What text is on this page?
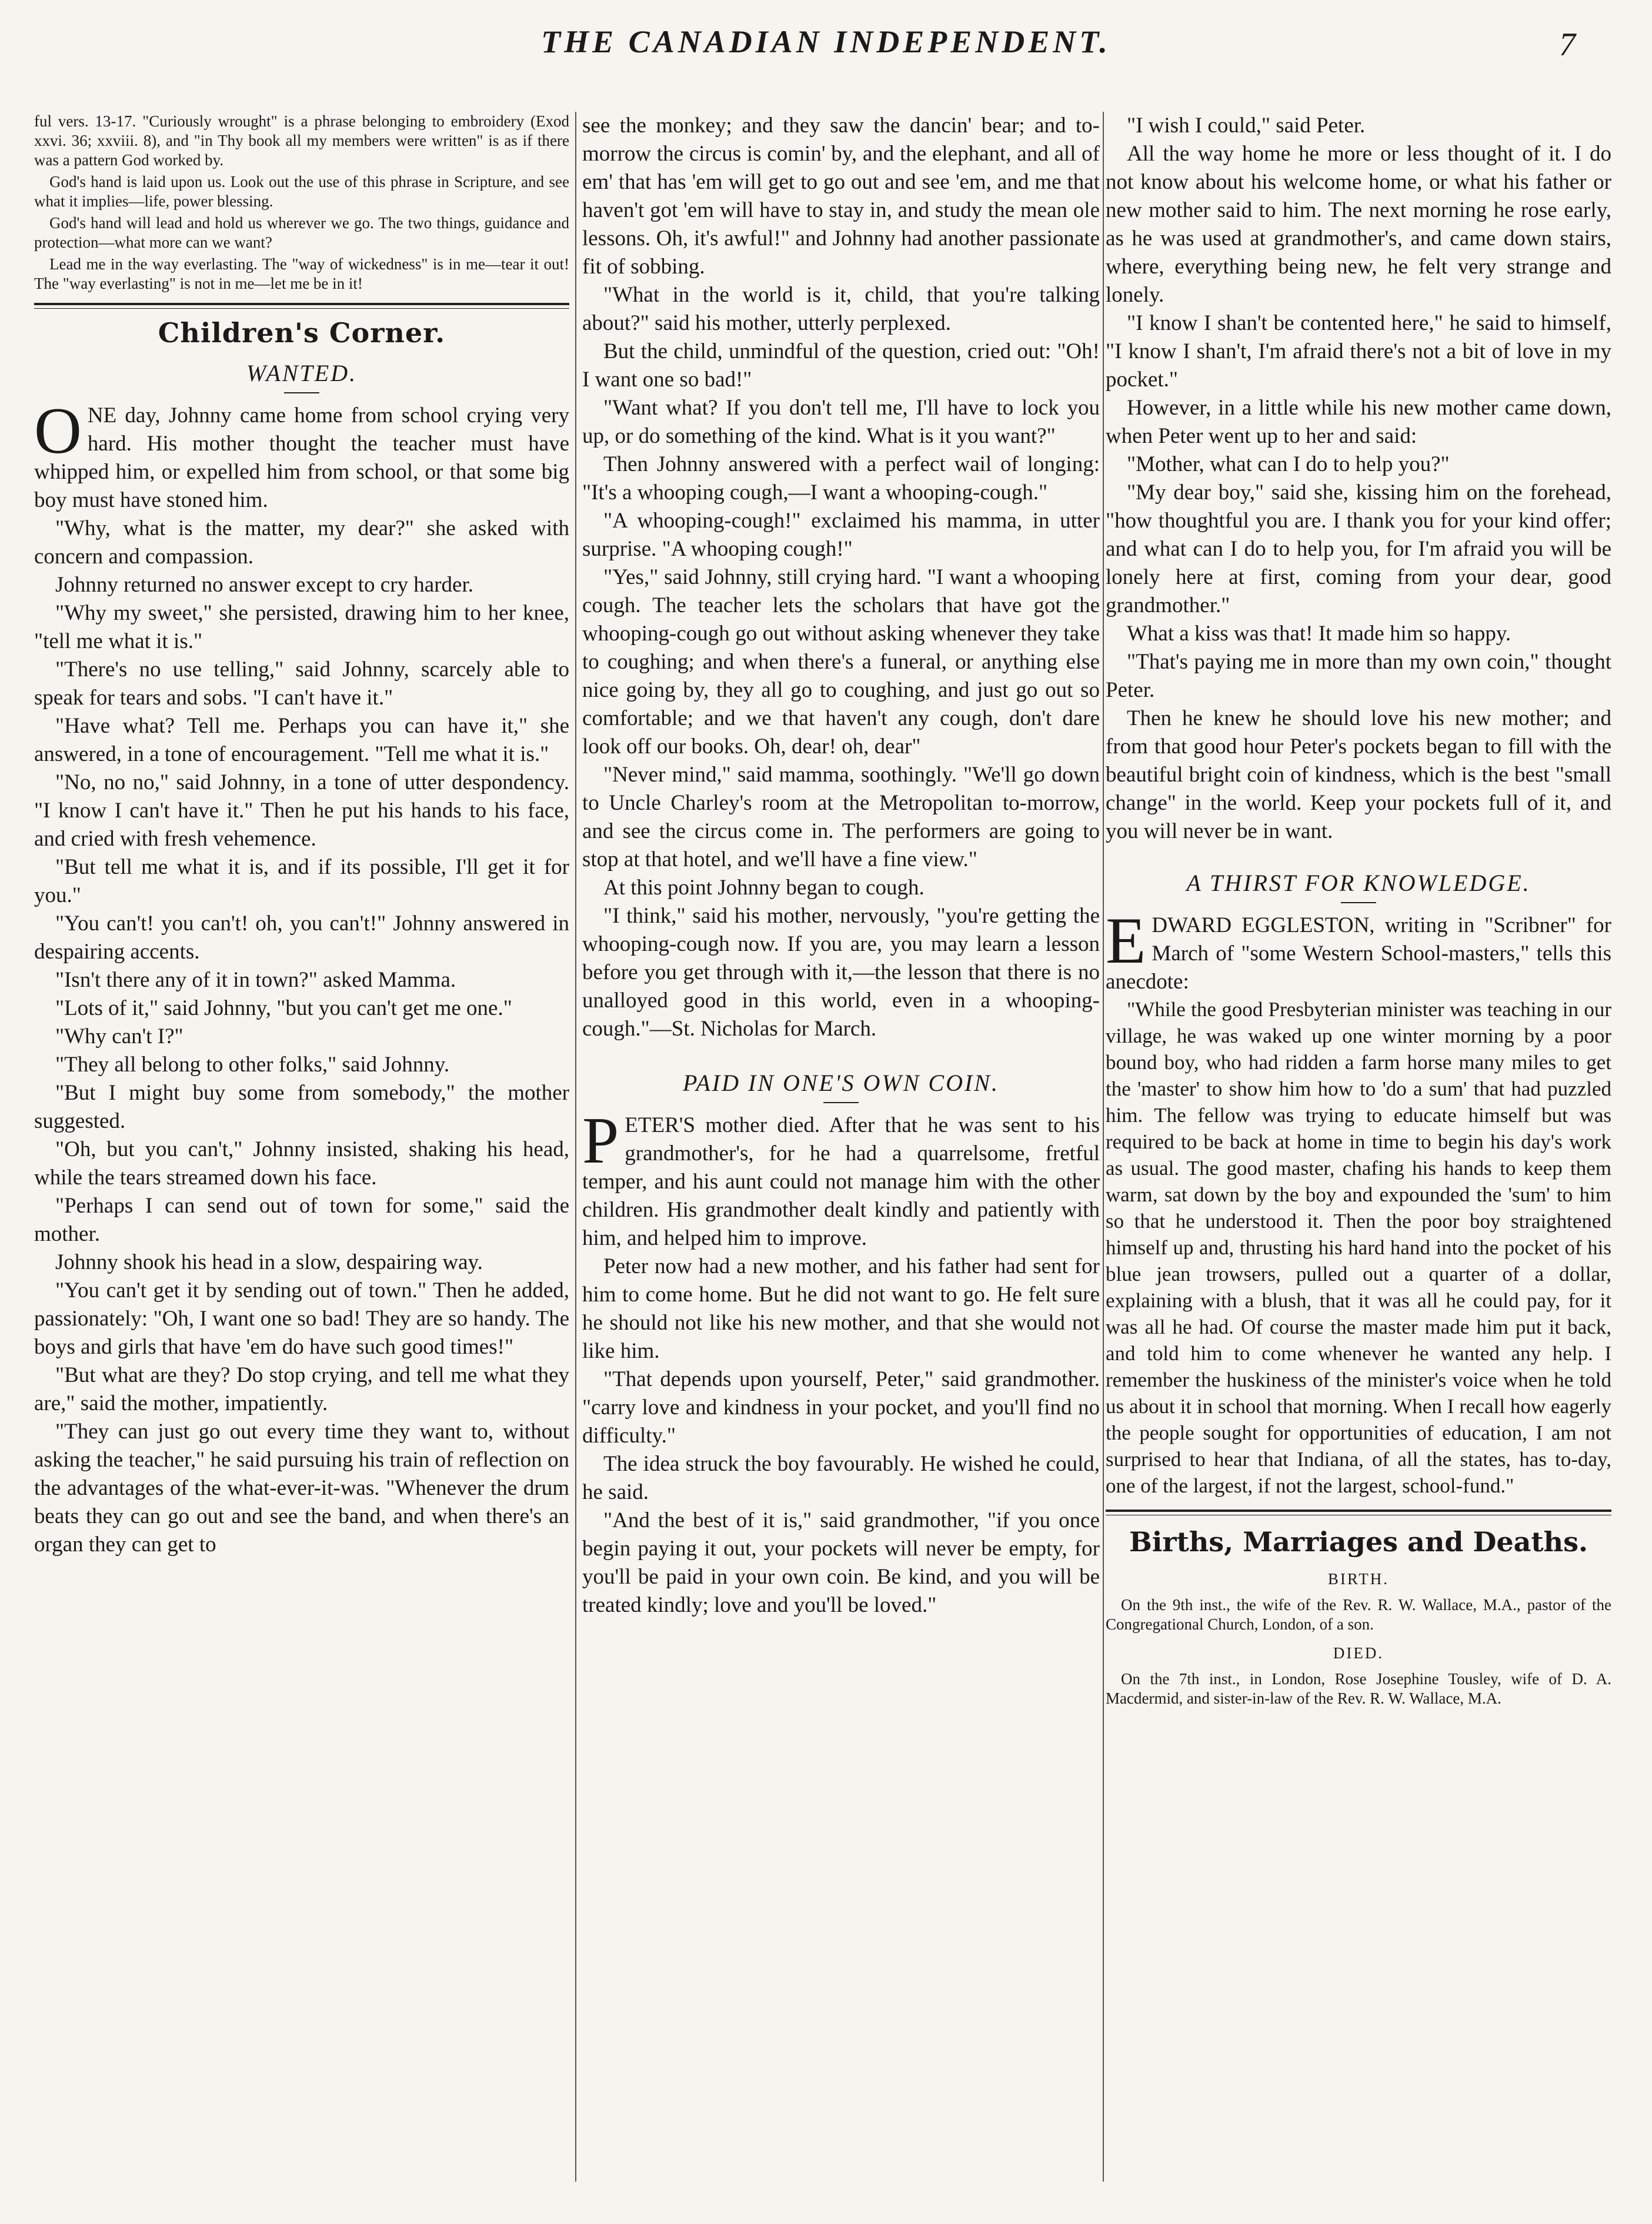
THE CANADIAN INDEPENDENT.	7

ful vers. 13-17. "Curiously wrought" is a phrase belonging to embroidery (Exod xxvi. 36; xxviii. 8), and "in Thy book all my members were written" is as if there was a pattern God worked by.

God's hand is laid upon us. Look out the use of this phrase in Scripture, and see what it implies—life, power blessing.

God's hand will lead and hold us wherever we go. The two things, guidance and protection—what more can we want?

Lead me in the way everlasting. The "way of wickedness" is in me—tear it out! The "way everlasting" is not in me—let me be in it!

Children's Corner.
WANTED.

ONE day, Johnny came home from school crying very hard. His mother thought the teacher must have whipped him, or expelled him from school, or that some big boy must have stoned him.

"Why, what is the matter, my dear?" she asked with concern and compassion.

Johnny returned no answer except to cry harder.

"Why my sweet," she persisted, drawing him to her knee, "tell me what it is."

"There's no use telling," said Johnny, scarcely able to speak for tears and sobs. "I can't have it."

"Have what? Tell me. Perhaps you can have it," she answered, in a tone of encouragement. "Tell me what it is."

"No, no no," said Johnny, in a tone of utter despondency. "I know I can't have it." Then he put his hands to his face, and cried with fresh vehemence.

"But tell me what it is, and if its possible, I'll get it for you."

"You can't! you can't! oh, you can't!" Johnny answered in despairing accents.

"Isn't there any of it in town?" asked Mamma.

"Lots of it," said Johnny, "but you can't get me one."

"Why can't I?"

"They all belong to other folks," said Johnny.

"But I might buy some from somebody," the mother suggested.

"Oh, but you can't," Johnny insisted, shaking his head, while the tears streamed down his face.

"Perhaps I can send out of town for some," said the mother.

Johnny shook his head in a slow, despairing way.

"You can't get it by sending out of town." Then he added, passionately: "Oh, I want one so bad! They are so handy. The boys and girls that have 'em do have such good times!"

"But what are they? Do stop crying, and tell me what they are," said the mother, impatiently.

"They can just go out every time they want to, without asking the teacher," he said pursuing his train of reflection on the advantages of the what-ever-it-was. "Whenever the drum beats they can go out and see the band, and when there's an organ they can get to

see the monkey; and they saw the dancin' bear; and to-morrow the circus is comin' by, and the elephant, and all of em' that has 'em will get to go out and see 'em, and me that haven't got 'em will have to stay in, and study the mean ole lessons. Oh, it's awful!" and Johnny had another passionate fit of sobbing.

"What in the world is it, child, that you're talking about?" said his mother, utterly perplexed.

But the child, unmindful of the question, cried out: "Oh! I want one so bad!"

"Want what? If you don't tell me, I'll have to lock you up, or do something of the kind. What is it you want?"

Then Johnny answered with a perfect wail of longing: "It's a whooping cough,—I want a whooping-cough."

"A whooping-cough!" exclaimed his mamma, in utter surprise. "A whooping cough!"

"Yes," said Johnny, still crying hard. "I want a whooping cough. The teacher lets the scholars that have got the whooping-cough go out without asking whenever they take to coughing; and when there's a funeral, or anything else nice going by, they all go to coughing, and just go out so comfortable; and we that haven't any cough, don't dare look off our books. Oh, dear! oh, dear"

"Never mind," said mamma, soothingly. "We'll go down to Uncle Charley's room at the Metropolitan to-morrow, and see the circus come in. The performers are going to stop at that hotel, and we'll have a fine view."

At this point Johnny began to cough.

"I think," said his mother, nervously, "you're getting the whooping-cough now. If you are, you may learn a lesson before you get through with it,—the lesson that there is no unalloyed good in this world, even in a whooping-cough."—St. Nicholas for March.

PAID IN ONE'S OWN COIN.

PETER'S mother died. After that he was sent to his grandmother's, for he had a quarrelsome, fretful temper, and his aunt could not manage him with the other children. His grandmother dealt kindly and patiently with him, and helped him to improve.

Peter now had a new mother, and his father had sent for him to come home. But he did not want to go. He felt sure he should not like his new mother, and that she would not like him.

"That depends upon yourself, Peter," said grandmother. "carry love and kindness in your pocket, and you'll find no difficulty."

The idea struck the boy favourably. He wished he could, he said.

"And the best of it is," said grandmother, "if you once begin paying it out, your pockets will never be empty, for you'll be paid in your own coin. Be kind, and you will be treated kindly; love and you'll be loved."

"I wish I could," said Peter.

All the way home he more or less thought of it. I do not know about his welcome home, or what his father or new mother said to him. The next morning he rose early, as he was used at grandmother's, and came down stairs, where, everything being new, he felt very strange and lonely.

"I know I shan't be contented here," he said to himself, "I know I shan't, I'm afraid there's not a bit of love in my pocket."

However, in a little while his new mother came down, when Peter went up to her and said:

"Mother, what can I do to help you?"

"My dear boy," said she, kissing him on the forehead, "how thoughtful you are. I thank you for your kind offer; and what can I do to help you, for I'm afraid you will be lonely here at first, coming from your dear, good grandmother."

What a kiss was that! It made him so happy.

"That's paying me in more than my own coin," thought Peter.

Then he knew he should love his new mother; and from that good hour Peter's pockets began to fill with the beautiful bright coin of kindness, which is the best "small change" in the world. Keep your pockets full of it, and you will never be in want.

A THIRST FOR KNOWLEDGE.

EDWARD EGGLESTON, writing in "Scribner" for March of "some Western School-masters," tells this anecdote:

"While the good Presbyterian minister was teaching in our village, he was waked up one winter morning by a poor bound boy, who had ridden a farm horse many miles to get the 'master' to show him how to 'do a sum' that had puzzled him. The fellow was trying to educate himself but was required to be back at home in time to begin his day's work as usual. The good master, chafing his hands to keep them warm, sat down by the boy and expounded the 'sum' to him so that he understood it. Then the poor boy straightened himself up and, thrusting his hard hand into the pocket of his blue jean trowsers, pulled out a quarter of a dollar, explaining with a blush, that it was all he could pay, for it was all he had. Of course the master made him put it back, and told him to come whenever he wanted any help. I remember the huskiness of the minister's voice when he told us about it in school that morning. When I recall how eagerly the people sought for opportunities of education, I am not surprised to hear that Indiana, of all the states, has to-day, one of the largest, if not the largest, school-fund."

Births, Marriages and Deaths.
BIRTH.

On the 9th inst., the wife of the Rev. R. W. Wallace, M.A., pastor of the Congregational Church, London, of a son.

DIED.

On the 7th inst., in London, Rose Josephine Tousley, wife of D. A. Macdermid, and sister-in-law of the Rev. R. W. Wallace, M.A.
